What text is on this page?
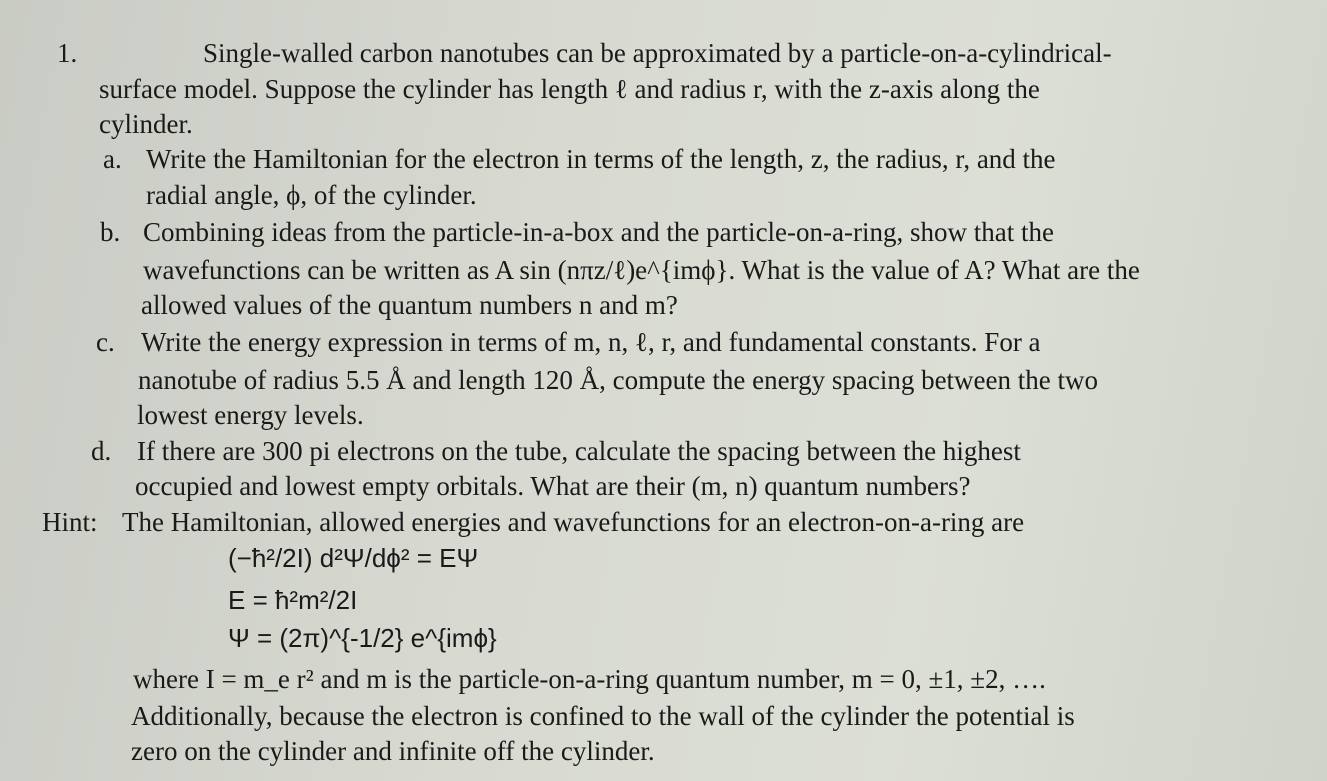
1.	Single-walled carbon nanotubes can be approximated by a particle-on-a-cylindrical-
surface model. Suppose the cylinder has length ℓ and radius r, with the z-axis along the
cylinder.
a. Write the Hamiltonian for the electron in terms of the length, z, the radius, r, and the
radial angle, ϕ, of the cylinder.
b. Combining ideas from the particle-in-a-box and the particle-on-a-ring, show that the
wavefunctions can be written as A sin (nπz/ℓ)e^{imϕ}. What is the value of A? What are the
allowed values of the quantum numbers n and m?
c. Write the energy expression in terms of m, n, ℓ, r, and fundamental constants. For a
nanotube of radius 5.5 Å and length 120 Å, compute the energy spacing between the two
lowest energy levels.
d. If there are 300 pi electrons on the tube, calculate the spacing between the highest
occupied and lowest empty orbitals. What are their (m, n) quantum numbers?
Hint: The Hamiltonian, allowed energies and wavefunctions for an electron-on-a-ring are
(−ħ²/2I) d²Ψ/dϕ² = EΨ
E = ħ²m²/2I
Ψ = (2π)^{-1/2} e^{imϕ}
where I = m_e r² and m is the particle-on-a-ring quantum number, m = 0, ±1, ±2, ….
Additionally, because the electron is confined to the wall of the cylinder the potential is
zero on the cylinder and infinite off the cylinder.
